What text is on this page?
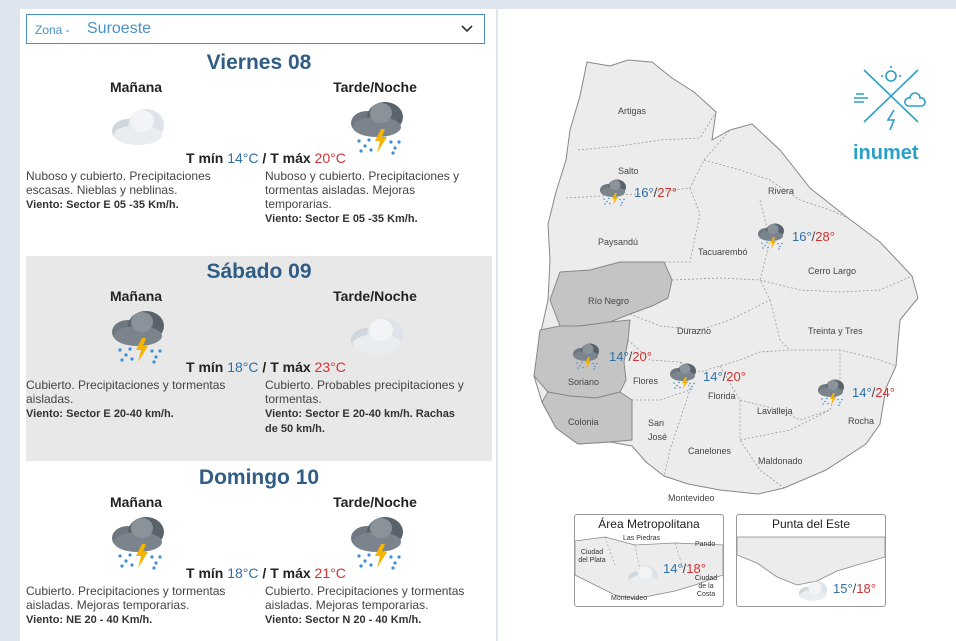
Zona - Suroeste
Viernes 08
Mañana
Nuboso y cubierto. Precipitaciones escasas. Nieblas y neblinas.
Viento: Sector E 05 -35 Km/h.
Tarde/Noche
Nuboso y cubierto. Precipitaciones y tormentas aisladas. Mejoras temporarias.
Viento: Sector E 05 -35 Km/h.
T mín 14°C / T máx 20°C
Sábado 09
Mañana
Cubierto. Precipitaciones y tormentas aisladas.
Viento: Sector E 20-40 km/h.
Tarde/Noche
Cubierto. Probables precipitaciones y tormentas.
Viento: Sector E 20-40 km/h. Rachas de 50 km/h.
T mín 18°C / T máx 23°C
Domingo 10
Mañana
Cubierto. Precipitaciones y tormentas aisladas. Mejoras temporarias.
Viento: NE 20 - 40 Km/h.
Tarde/Noche
Cubierto. Precipitaciones y tormentas aisladas. Mejoras temporarias.
Viento: Sector N 20 - 40 Km/h.
T mín 18°C / T máx 21°C
Artigas
Salto
Paysandú
Río Negro
Soriano
Colonia
Rivera
Tacuarembó
Cerro Largo
Durazno	Treinta y Tres
Flores
Florida
Lavalleja
San José
Canelones
Maldonado
Rocha
Montevideo
16°/27°
16°/28°
14°/20°
14°/20°
14°/24°
inumet
Área Metropolitana
Las Piedras
Pando
Ciudad del Plata
Ciudad de la Costa
Montevideo
14°/18°
Punta del Este
15°/18°
